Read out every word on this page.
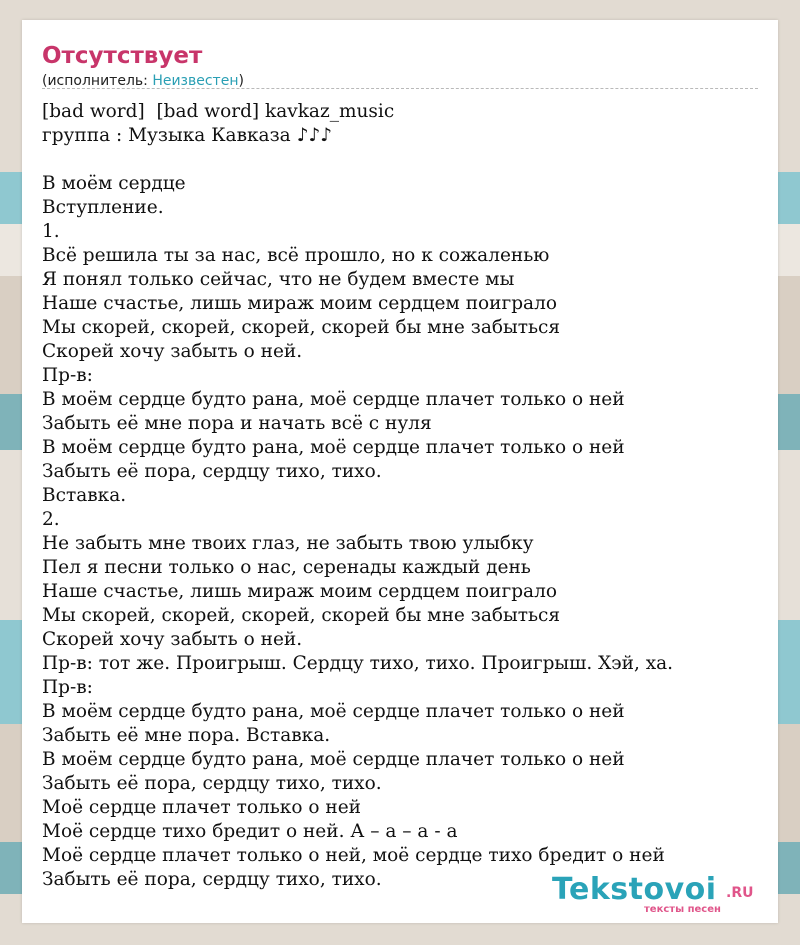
Отсутствует
(исполнитель: Неизвестен)
[bad word]  [bad word] kavkaz_music
группа : Музыка Кавказа ♪♪♪
В моём сердце
Вступление.
1.
Всё решила ты за нас, всё прошло, но к сожаленью
Я понял только сейчас, что не будем вместе мы
Наше счастье, лишь мираж моим сердцем поиграло
Мы скорей, скорей, скорей, скорей бы мне забыться
Скорей хочу забыть о ней.
Пр-в:
В моём сердце будто рана, моё сердце плачет только о ней
Забыть её мне пора и начать всё с нуля
В моём сердце будто рана, моё сердце плачет только о ней
Забыть её пора, сердцу тихо, тихо.
Вставка.
2.
Не забыть мне твоих глаз, не забыть твою улыбку
Пел я песни только о нас, серенады каждый день
Наше счастье, лишь мираж моим сердцем поиграло
Мы скорей, скорей, скорей, скорей бы мне забыться
Скорей хочу забыть о ней.
Пр-в: тот же. Проигрыш. Сердцу тихо, тихо. Проигрыш. Хэй, ха.
Пр-в:
В моём сердце будто рана, моё сердце плачет только о ней
Забыть её мне пора. Вставка.
В моём сердце будто рана, моё сердце плачет только о ней
Забыть её пора, сердцу тихо, тихо.
Моё сердце плачет только о ней
Моё сердце тихо бредит о ней. А – а – а - а
Моё сердце плачет только о ней, моё сердце тихо бредит о ней
Забыть её пора, сердцу тихо, тихо.	Tekstovoi .RU
тексты песен
